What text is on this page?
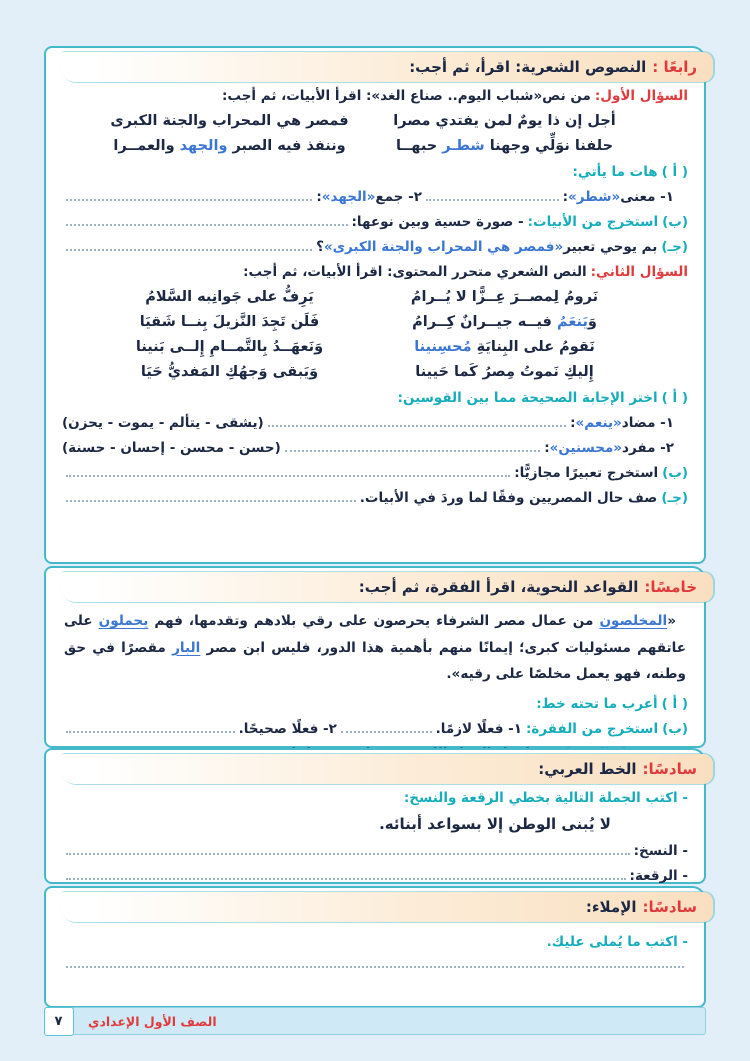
رابعًا :
النصوص الشعرية: اقرأ، ثم أجب:
السؤال الأول:
من نص
«شباب اليوم.. صناع الغد»
: اقرأ الأبيات، ثم أجب:
أجل إن ذا يومٌ لمن يفتدي مصرا
فمصر هي المحراب والجنة الكبرى
حلفنا نوَلِّي وجهنا شطـر حبهــا
وننفذ فيه الصبر والجهد والعمــرا
( أ )
هات ما يأتي:
١- معنى
«شطر»
:
٢- جمع
«الجهد»
:
(ب)
استخرج من الأبيات:
- صورة حسية وبين نوعها:
(جـ)
بم يوحي تعبير
«فمصر هي المحراب والجنة الكبرى»
؟
السؤال الثاني:
النص الشعري متحرر المحتوى: اقرأ الأبيات، ثم أجب:
نَرومُ لِمصــرَ عِــزًّا لا يُــرامُ
يَرِفُّ على جَوانِبه السَّلامُ
وَيَنعَمُ فيــه جيــرانٌ كِــرامُ
فَلَن تَجِدَ النَّزيلَ بِنــا شَقيَا
نَقومُ على البِنايَةِ مُحسِنينا
وَنَعهَــدُ بِالتَّمــامِ إِلــى بَنينا
إِليكِ نَموتُ مِصرُ كَما حَيينا
وَيَبقى وَجهُكِ المَفديُّ حَيَا
( أ )
اختر الإجابة الصحيحة مما بين القوسين:
١- مضاد
«ينعم»
:
(يشقى - يتألم - يموت - يحزن)
٢- مفرد
«محسنين»
:
(حسن - محسن - إحسان - حسنة)
(ب)
استخرج تعبيرًا مجازيًّا:
(جـ)
صف حال المصريين وفقًا لما وردَ في الأبيات.
خامسًا:
القواعد النحوية، اقرأ الفقرة، ثم أجب:

«المخلصون من عمال مصر الشرفاء يحرصون على رقي بلادهم وتقدمها، فهم يحملون على عاتقهم مسئوليات كبرى؛ إيمانًا منهم بأهمية هذا الدور، فليس ابن مصر البار مقصرًا في حق وطنه، فهو يعمل مخلصًا على رقيه».

( أ )
أعرب ما تحته خط:
(ب)
استخرج من الفقرة:
١- فعلًا لازمًا.
٢- فعلًا صحيحًا.
سادسًا:
الخط العربي:
- اكتب الجملة التالية بخطي الرقعة والنسخ:
لا يُبنى الوطن إلا بسواعد أبنائه.
- النسخ:
- الرقعة:
سادسًا:
الإملاء:
- اكتب ما يُملى عليك.
٧	الصف الأول الإعدادي
